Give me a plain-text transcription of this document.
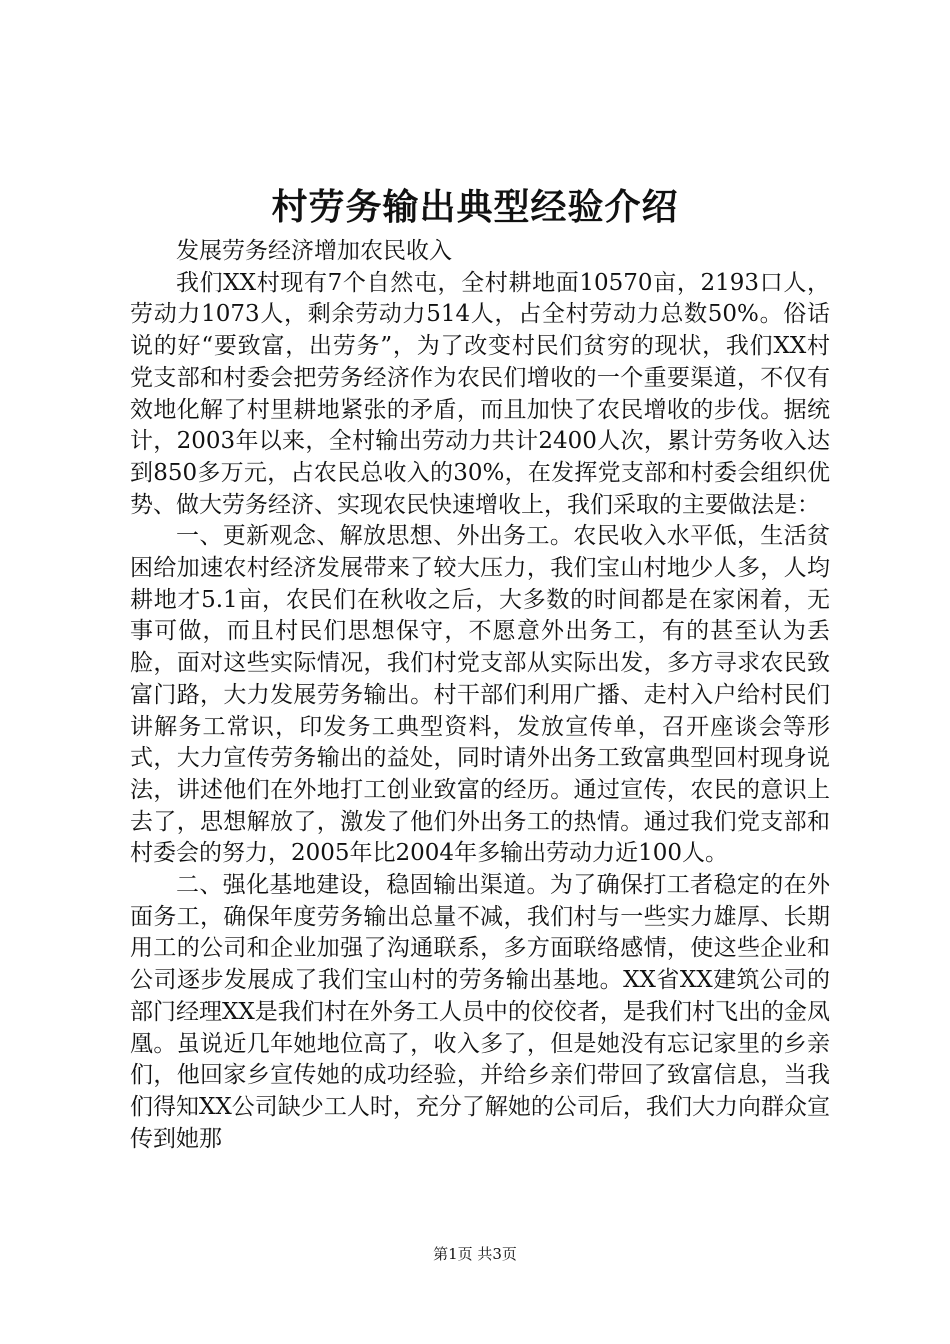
村劳务输出典型经验介绍

发展劳务经济增加农民收入

我们XX村现有7个自然屯，全村耕地面10570亩，2193口人，劳动力1073人，剩余劳动力514人，占全村劳动力总数50%。俗话说的好“要致富，出劳务”，为了改变村民们贫穷的现状，我们XX村党支部和村委会把劳务经济作为农民们增收的一个重要渠道，不仅有效地化解了村里耕地紧张的矛盾，而且加快了农民增收的步伐。据统计，2003年以来，全村输出劳动力共计2400人次，累计劳务收入达到850多万元，占农民总收入的30%，在发挥党支部和村委会组织优势、做大劳务经济、实现农民快速增收上，我们采取的主要做法是：

一、更新观念、解放思想、外出务工。农民收入水平低，生活贫困给加速农村经济发展带来了较大压力，我们宝山村地少人多，人均耕地才5.1亩，农民们在秋收之后，大多数的时间都是在家闲着，无事可做，而且村民们思想保守，不愿意外出务工，有的甚至认为丢脸，面对这些实际情况，我们村党支部从实际出发，多方寻求农民致富门路，大力发展劳务输出。村干部们利用广播、走村入户给村民们讲解务工常识，印发务工典型资料，发放宣传单，召开座谈会等形式，大力宣传劳务输出的益处，同时请外出务工致富典型回村现身说法，讲述他们在外地打工创业致富的经历。通过宣传，农民的意识上去了，思想解放了，激发了他们外出务工的热情。通过我们党支部和村委会的努力，2005年比2004年多输出劳动力近100人。

二、强化基地建设，稳固输出渠道。为了确保打工者稳定的在外面务工，确保年度劳务输出总量不减，我们村与一些实力雄厚、长期用工的公司和企业加强了沟通联系，多方面联络感情，使这些企业和公司逐步发展成了我们宝山村的劳务输出基地。XX省XX建筑公司的部门经理XX是我们村在外务工人员中的佼佼者，是我们村飞出的金凤凰。虽说近几年她地位高了，收入多了，但是她没有忘记家里的乡亲们，他回家乡宣传她的成功经验，并给乡亲们带回了致富信息，当我们得知XX公司缺少工人时，充分了解她的公司后，我们大力向群众宣传到她那

第1页 共3页
